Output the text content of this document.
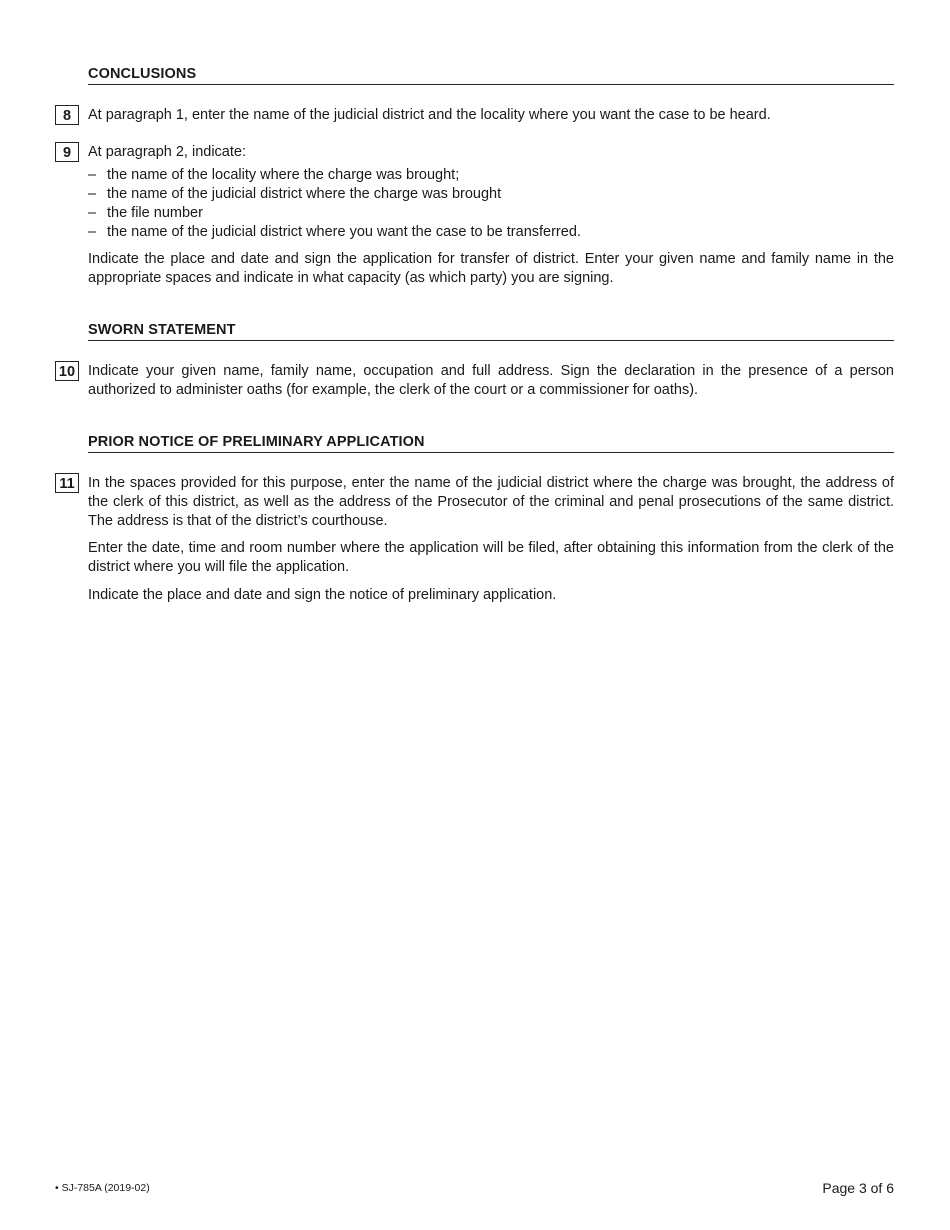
CONCLUSIONS
8	At paragraph 1, enter the name of the judicial district and the locality where you want the case to be heard.

9	At paragraph 2, indicate:

– the name of the locality where the charge was brought;
– the name of the judicial district where the charge was brought
– the file number
– the name of the judicial district where you want the case to be transferred.

Indicate the place and date and sign the application for transfer of district. Enter your given name and family name in the appropriate spaces and indicate in what capacity (as which party) you are signing.

SWORN STATEMENT
10 Indicate your given name, family name, occupation and full address. Sign the declaration in the presence of a person authorized to administer oaths (for example, the clerk of the court or a commissioner for oaths).

PRIOR NOTICE OF PRELIMINARY APPLICATION
11 In the spaces provided for this purpose, enter the name of the judicial district where the charge was brought, the address of the clerk of this district, as well as the address of the Prosecutor of the criminal and penal prosecutions of the same district. The address is that of the district’s courthouse.

Enter the date, time and room number where the application will be filed, after obtaining this information from the clerk of the district where you will file the application.

Indicate the place and date and sign the notice of preliminary application.

• SJ-785A (2019-02)	Page 3 of 6
